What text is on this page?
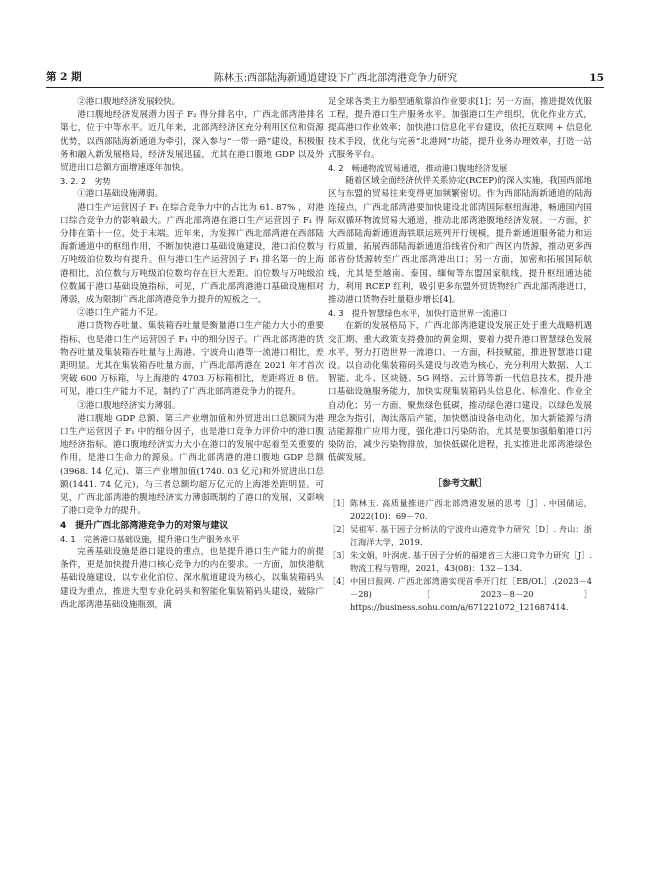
第 2 期	陈林玉:西部陆海新通道建设下广西北部湾港竞争力研究	15

②港口腹地经济发展较快。

港口腹地经济发展潜力因子 F₂ 得分排名中，广西北部湾港排名第七，位于中等水平。近几年来，北部湾经济区充分利用区位和资源优势，以西部陆海新通道为牵引，深入参与“一带一路”建设，积极服务和融入新发展格局，经济发展迅猛，尤其在港口腹地 GDP 以及外贸进出口总额方面增速逐年加快。

3. 2. 2　劣势

①港口基础设施薄弱。

港口生产运营因子 F₁ 在综合竞争力中的占比为 61. 87% ，对港口综合竞争力的影响最大。广西北部湾港在港口生产运营因子 F₁ 得分排在第十一位，处于末端。近年来，为发挥广西北部湾港在西部陆海新通道中的枢纽作用，不断加快港口基础设施建设，港口泊位数与万吨级泊位数均有提升。但与港口生产运营因子 F₁ 排名第一的上海港相比，泊位数与万吨级泊位数均存在巨大差距。泊位数与万吨级泊位数属于港口基础设施指标，可见，广西北部湾港港口基础设施相对薄弱，成为限制广西北部湾港竞争力提升的短板之一。

②港口生产能力不足。

港口货物吞吐量、集装箱吞吐量是衡量港口生产能力大小的重要指标，也是港口生产运营因子 F₁ 中的细分因子。广西北部湾港的货物吞吐量及集装箱吞吐量与上海港、宁波舟山港等一流港口相比，差距明显。尤其在集装箱吞吐量方面，广西北部湾港在 2021 年才首次突破 600 万标箱，与上海港的 4703 万标箱相比，差距将近 8 倍。可见，港口生产能力不足，制约了广西北部湾港竞争力的提升。

③港口腹地经济实力薄弱。

港口腹地 GDP 总额、第三产业增加值和外贸进出口总额同为港口生产运营因子 F₁ 中的细分因子，也是港口竞争力评价中的港口腹地经济指标。港口腹地经济实力大小在港口的发展中起着至关重要的作用，是港口生命力的源泉。广西北部湾港的港口腹地 GDP 总额(3968. 14 亿元)、第三产业增加值(1740. 03 亿元)和外贸进出口总额(1441. 74 亿元)，与三者总额均超万亿元的上海港差距明显。可见，广西北部湾港的腹地经济实力薄弱既制约了港口的发展，又影响了港口竞争力的提升。

4　提升广西北部湾港竞争力的对策与建议
4. 1　完善港口基础设施，提升港口生产服务水平

完善基础设施是港口建设的重点，也是提升港口生产能力的前提条件，更是加快提升港口核心竞争力的内在要求。一方面，加快港航基础设施建设，以专业化泊位、深水航道建设为核心，以集装箱码头建设为重点，推进大型专业化码头和智能化集装箱码头建设，破除广西北部湾港基础设施瓶颈，满

足全球各类主力船型通航靠泊作业要求[1]；另一方面，推进提效优服工程，提升港口生产服务水平。加强港口生产组织，优化作业方式，提高港口作业效率；加快港口信息化平台建设，依托互联网 + 信息化技术手段，优化与完善“北港网”功能，提升业务办理效率，打造一站式服务平台。

4. 2　畅通物流贸易通道，推动港口腹地经济发展

随着区域全面经济伙伴关系协定(RCEP)的深入实施，我国西部地区与东盟的贸易往来变得更加频繁密切。作为西部陆海新通道的陆海连接点，广西北部湾港要加快建设北部湾国际枢纽海港，畅通国内国际双循环物流贸易大通道，推动北部湾港腹地经济发展。一方面，扩大西部陆海新通道海铁联运班列开行规模，提升新通道服务能力和运行质量，拓展西部陆海新通道沿线省份和广西区内货源，推动更多西部省份货源转至广西北部湾港出口；另一方面，加密和拓展国际航线，尤其是至越南、泰国、缅甸等东盟国家航线，提升枢纽通达能力，利用 RCEP 红利，吸引更多东盟外贸货物经广西北部湾港进口，推动港口货物吞吐量稳步增长[4]。

4. 3　提升智慧绿色水平，加快打造世界一流港口

在新的发展格局下，广西北部湾港建设发展正处于重大战略机遇交汇期、重大政策支持叠加的黄金期，要着力提升港口智慧绿色发展水平，努力打造世界一流港口。一方面，科技赋能，推进智慧港口建设。以自动化集装箱码头建设与改造为核心，充分利用大数据、人工智能、北斗、区块链、5G 网络、云计算等新一代信息技术，提升港口基础设施服务能力，加快实现集装箱码头信息化、标准化、作业全自动化；另一方面，聚焦绿色低碳，推动绿色港口建设。以绿色发展理念为指引，淘汰落后产能，加快燃油设备电动化，加大新能源与清洁能源推广应用力度，强化港口污染防治，尤其是要加强船舶港口污染防治，减少污染物排放，加快低碳化进程，扎实推进北部湾港绿色低碳发展。

［参考文献］
［1］ 陈林玉. 高质量推进广西北部湾港发展的思考［J］. 中国储运，2022(10)：69－70.
［2］ 吴祖军. 基于因子分析法的宁波舟山港竞争力研究［D］. 舟山：浙江海洋大学，2019.
［3］ 朱文娟，叶润虎. 基于因子分析的福建省三大港口竞争力研究［J］. 物流工程与管理，2021，43(08)：132－134.
［4］ 中国日报网. 广西北部湾港实现首季开门红［EB/OL］.(2023－4－28)［2023－8－20］https://business.sohu.com/a/671221072_121687414.
